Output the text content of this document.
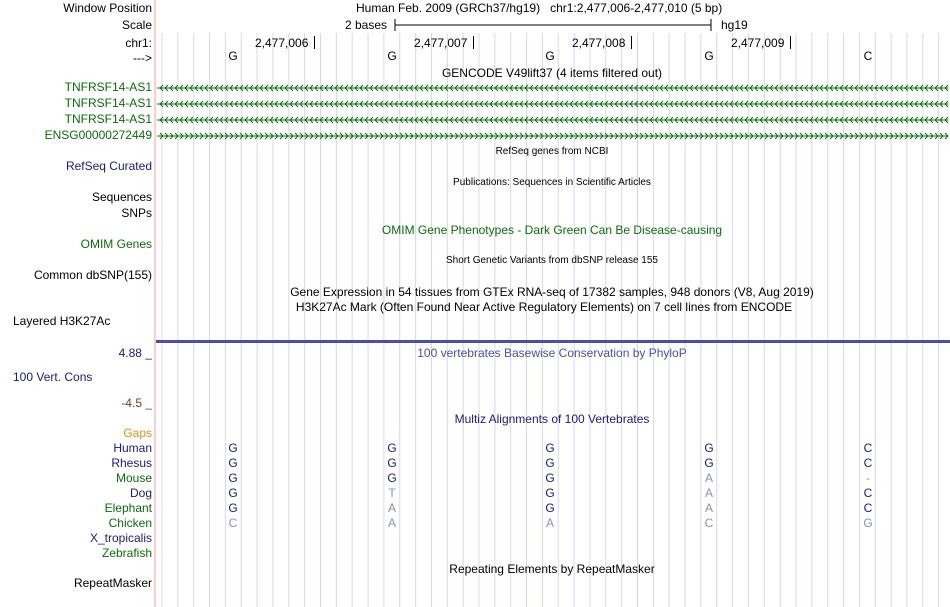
Window Position	Human Feb. 2009 (GRCh37/hg19)   chr1:2,477,006-2,477,010 (5 bp)
Scale	2 bases	hg19
chr1:	2,477,006	2,477,007	2,477,008	2,477,009
--->	G	G	G	G	C
GENCODE V49lift37 (4 items filtered out)
TNFRSF14-AS1
TNFRSF14-AS1
TNFRSF14-AS1
ENSG00000272449
RefSeq genes from NCBI
RefSeq Curated
Publications: Sequences in Scientific Articles
Sequences
SNPs
OMIM Gene Phenotypes - Dark Green Can Be Disease-causing
OMIM Genes
Short Genetic Variants from dbSNP release 155
Common dbSNP(155)
Gene Expression in 54 tissues from GTEx RNA-seq of 17382 samples, 948 donors (V8, Aug 2019)
H3K27Ac Mark (Often Found Near Active Regulatory Elements) on 7 cell lines from ENCODE
Layered H3K27Ac
4.88 _	100 vertebrates Basewise Conservation by PhyloP
100 Vert. Cons
-4.5 _
Multiz Alignments of 100 Vertebrates
Gaps
Human	G	G	G	G	C
Rhesus	G	G	G	G	C
Mouse	G	G	G	A	-
Dog	G	T	G	A	C
Elephant	G	A	G	A	C
Chicken	C	A	A	C	G
X_tropicalis
Zebrafish
Repeating Elements by RepeatMasker
RepeatMasker
